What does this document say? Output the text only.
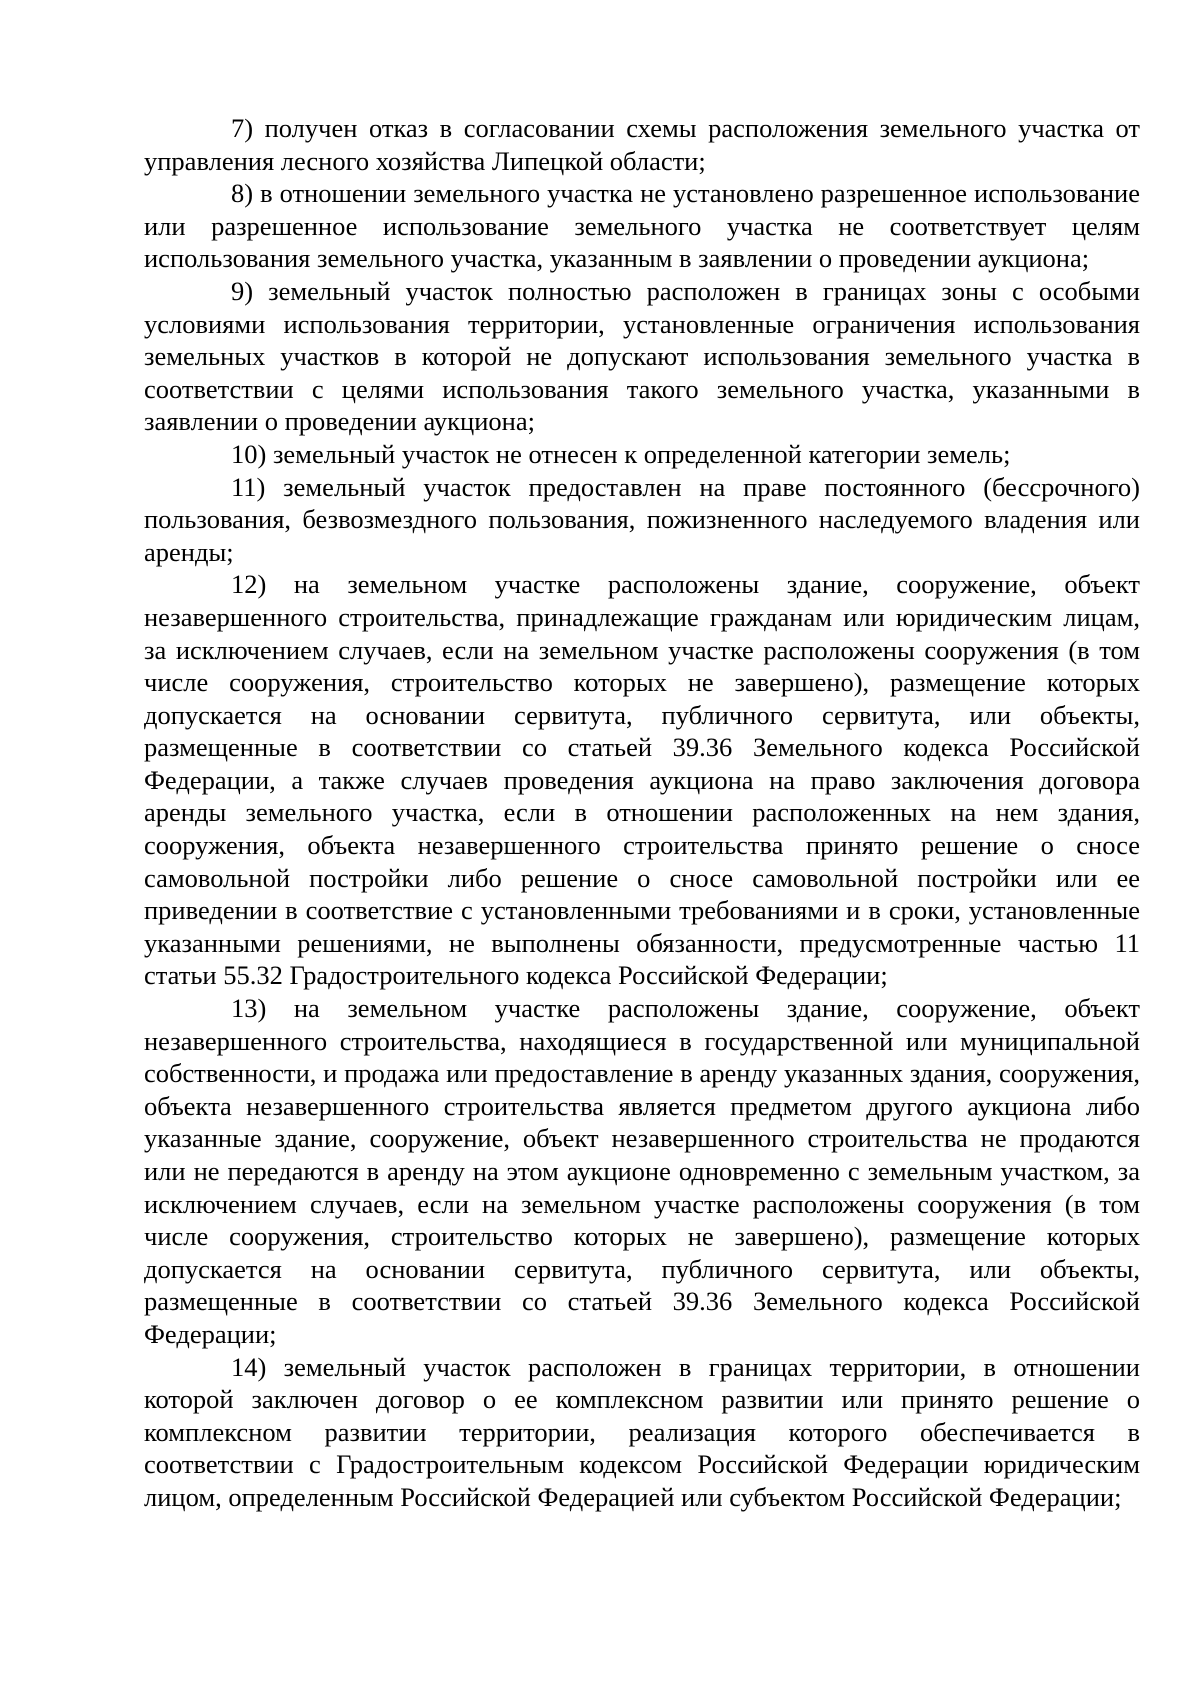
7) получен отказ в согласовании схемы расположения земельного участка от управления лесного хозяйства Липецкой области;

8) в отношении земельного участка не установлено разрешенное использование или разрешенное использование земельного участка не соответствует целям использования земельного участка, указанным в заявлении о проведении аукциона;

9) земельный участок полностью расположен в границах зоны с особыми условиями использования территории, установленные ограничения использования земельных участков в которой не допускают использования земельного участка в соответствии с целями использования такого земельного участка, указанными в заявлении о проведении аукциона;

10) земельный участок не отнесен к определенной категории земель;

11) земельный участок предоставлен на праве постоянного (бессрочного) пользования, безвозмездного пользования, пожизненного наследуемого владения или аренды;

12) на земельном участке расположены здание, сооружение, объект незавершенного строительства, принадлежащие гражданам или юридическим лицам, за исключением случаев, если на земельном участке расположены сооружения (в том числе сооружения, строительство которых не завершено), размещение которых допускается на основании сервитута, публичного сервитута, или объекты, размещенные в соответствии со статьей 39.36 Земельного кодекса Российской Федерации, а также случаев проведения аукциона на право заключения договора аренды земельного участка, если в отношении расположенных на нем здания, сооружения, объекта незавершенного строительства принято решение о сносе самовольной постройки либо решение о сносе самовольной постройки или ее приведении в соответствие с установленными требованиями и в сроки, установленные указанными решениями, не выполнены обязанности, предусмотренные частью 11 статьи 55.32 Градостроительного кодекса Российской Федерации;

13) на земельном участке расположены здание, сооружение, объект незавершенного строительства, находящиеся в государственной или муниципальной собственности, и продажа или предоставление в аренду указанных здания, сооружения, объекта незавершенного строительства является предметом другого аукциона либо указанные здание, сооружение, объект незавершенного строительства не продаются или не передаются в аренду на этом аукционе одновременно с земельным участком, за исключением случаев, если на земельном участке расположены сооружения (в том числе сооружения, строительство которых не завершено), размещение которых допускается на основании сервитута, публичного сервитута, или объекты, размещенные в соответствии со статьей 39.36 Земельного кодекса Российской Федерации;

14) земельный участок расположен в границах территории, в отношении которой заключен договор о ее комплексном развитии или принято решение о комплексном развитии территории, реализация которого обеспечивается в соответствии с Градостроительным кодексом Российской Федерации юридическим лицом, определенным Российской Федерацией или субъектом Российской Федерации;
